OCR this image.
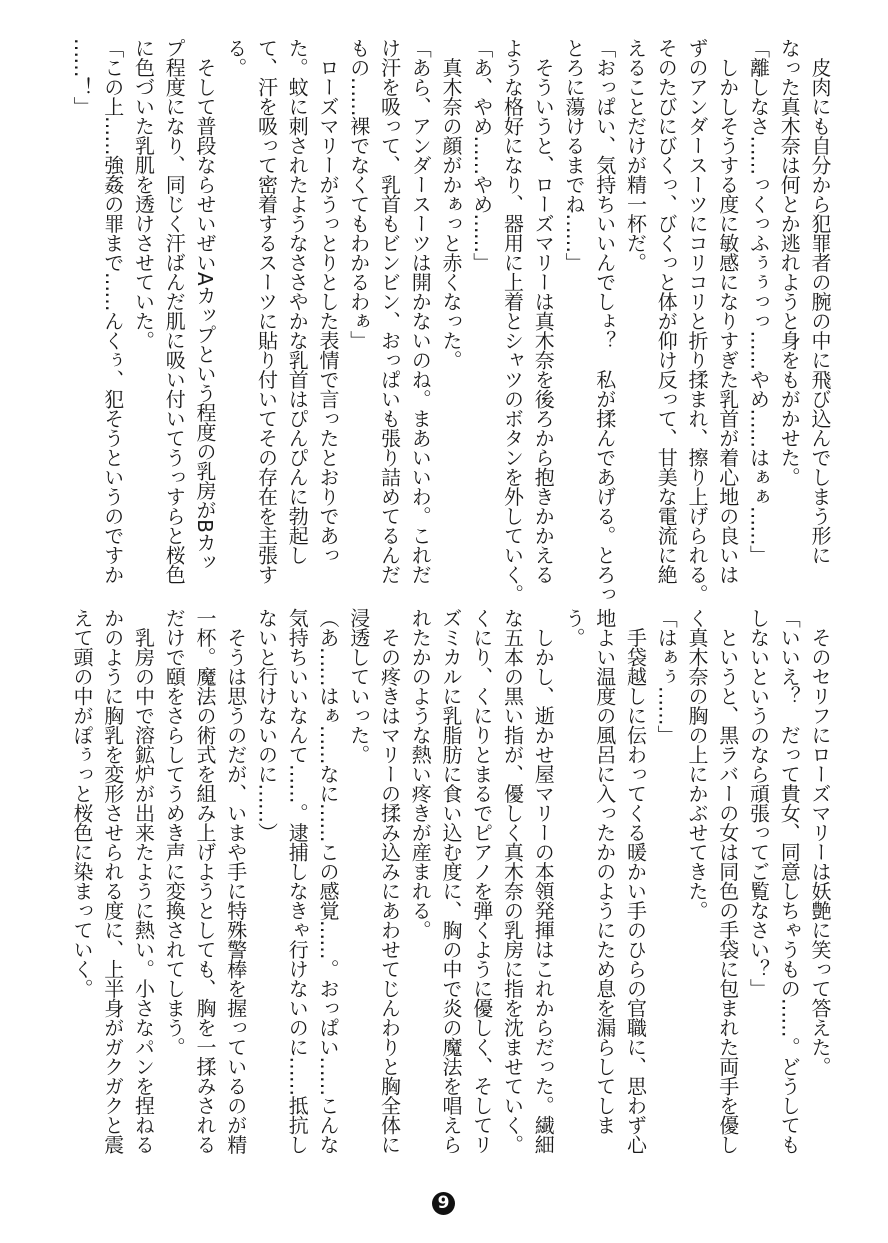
　皮肉にも自分から犯罪者の腕の中に飛び込んでしまう形に
なった真木奈は何とか逃れようと身をもがかせた。
「離しなさ……っくっふぅぅっっ……やめ……はぁぁ……」
　しかしそうする度に敏感になりすぎた乳首が着心地の良いは
ずのアンダースーツにコリコリと折り揉まれ、擦り上げられる。
そのたびにびくっ、びくっと体が仰け反って、甘美な電流に絶
えることだけが精一杯だ。
「おっぱい、気持ちいいんでしょ？　私が揉んであげる。とろっ
とろに蕩けるまでね……」
　そういうと、ローズマリーは真木奈を後ろから抱きかかえる
ような格好になり、器用に上着とシャツのボタンを外していく。
「あ、やめ……やめ……」
　真木奈の顔がかぁっと赤くなった。
「あら、アンダースーツは開かないのね。まあいいわ。これだ
け汗を吸って、乳首もビンビン、おっぱいも張り詰めてるんだ
もの……裸でなくてもわかるわぁ」
　ローズマリーがうっとりとした表情で言ったとおりであっ
た。蚊に刺されたようなささやかな乳首はぴんぴんに勃起し
て、汗を吸って密着するスーツに貼り付いてその存在を主張す
る。
　そして普段ならせいぜいAカップという程度の乳房がBカッ
プ程度になり、同じく汗ばんだ肌に吸い付いてうっすらと桜色
に色づいた乳肌を透けさせていた。
「この上……強姦の罪まで……んくぅ、犯そうというのですか
……！」
　そのセリフにローズマリーは妖艶に笑って答えた。
「いいえ？　だって貴女、同意しちゃうもの……。どうしても
しないというのなら頑張ってご覧なさい？」
　というと、黒ラバーの女は同色の手袋に包まれた両手を優し
く真木奈の胸の上にかぶせてきた。
「はぁぅ……」
　手袋越しに伝わってくる暖かい手のひらの官職に、思わず心
地よい温度の風呂に入ったかのようにため息を漏らしてしま
う。
　しかし、逝かせ屋マリーの本領発揮はこれからだった。繊細
な五本の黒い指が、優しく真木奈の乳房に指を沈ませていく。
くにり、くにりとまるでピアノを弾くように優しく、そしてリ
ズミカルに乳脂肪に食い込む度に、胸の中で炎の魔法を唱えら
れたかのような熱い疼きが産まれる。
　その疼きはマリーの揉み込みにあわせてじんわりと胸全体に
浸透していった。
（あ……はぁ……なに……この感覚……。おっぱい……こんな
気持ちいいなんて……。逮捕しなきゃ行けないのに……抵抗し
ないと行けないのに……）
　そうは思うのだが、いまや手に特殊警棒を握っているのが精
一杯。魔法の術式を組み上げようとしても、胸を一揉みされる
だけで頤をさらしてうめき声に変換されてしまう。
　乳房の中で溶鉱炉が出来たように熱い。小さなパンを捏ねる
かのように胸乳を変形させられる度に、上半身がガクガクと震
えて頭の中がぽぅっと桜色に染まっていく。
9
